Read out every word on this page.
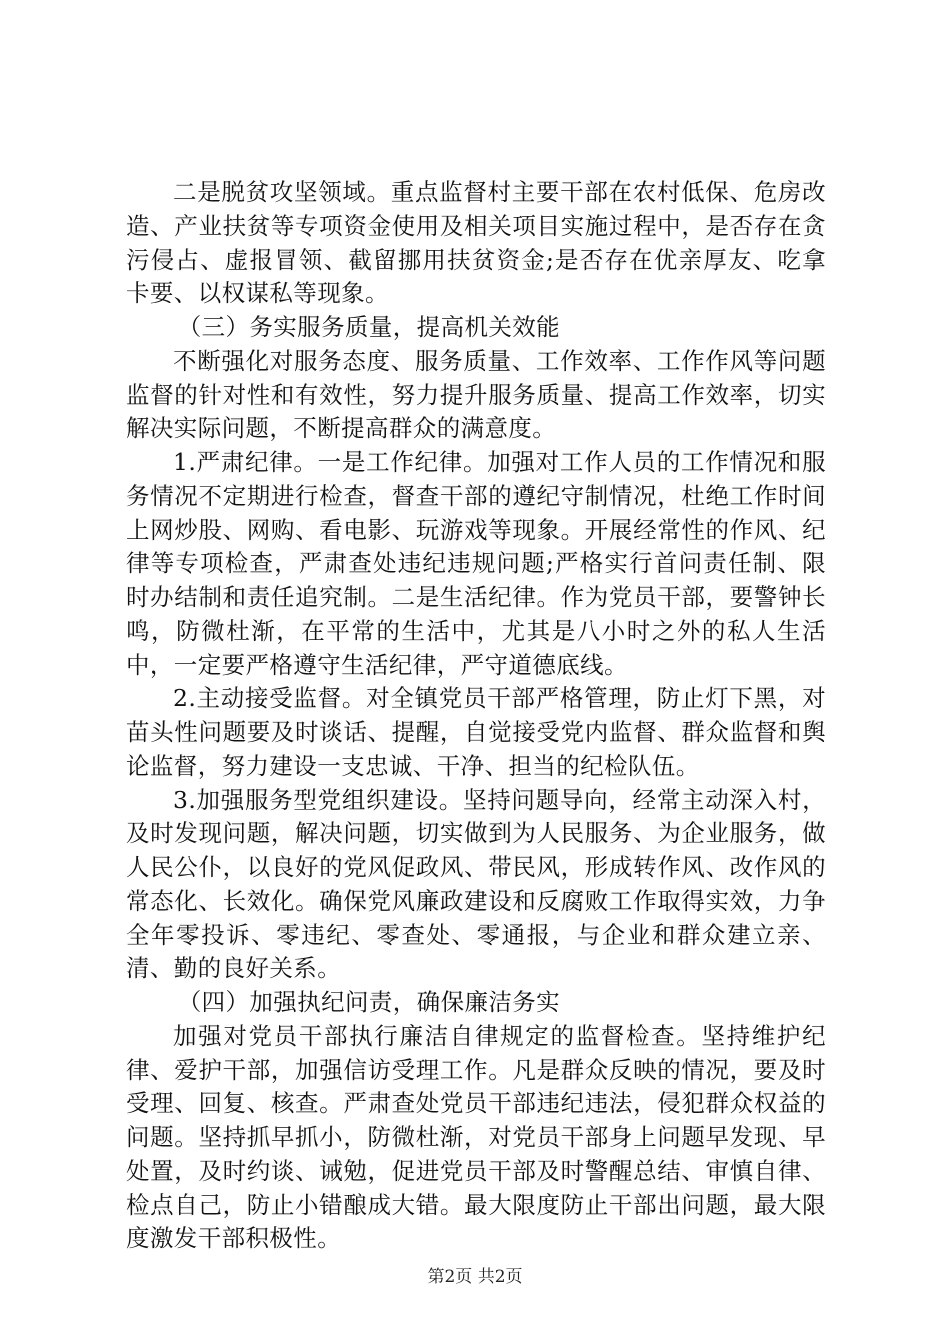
二是脱贫攻坚领域。重点监督村主要干部在农村低保、危房改造、产业扶贫等专项资金使用及相关项目实施过程中，是否存在贪污侵占、虚报冒领、截留挪用扶贫资金;是否存在优亲厚友、吃拿卡要、以权谋私等现象。

（三）务实服务质量，提高机关效能

不断强化对服务态度、服务质量、工作效率、工作作风等问题监督的针对性和有效性，努力提升服务质量、提高工作效率，切实解决实际问题，不断提高群众的满意度。

1.严肃纪律。一是工作纪律。加强对工作人员的工作情况和服务情况不定期进行检查，督查干部的遵纪守制情况，杜绝工作时间上网炒股、网购、看电影、玩游戏等现象。开展经常性的作风、纪律等专项检查，严肃查处违纪违规问题;严格实行首问责任制、限时办结制和责任追究制。二是生活纪律。作为党员干部，要警钟长鸣，防微杜渐，在平常的生活中，尤其是八小时之外的私人生活中，一定要严格遵守生活纪律，严守道德底线。

2.主动接受监督。对全镇党员干部严格管理，防止灯下黑，对苗头性问题要及时谈话、提醒，自觉接受党内监督、群众监督和舆论监督，努力建设一支忠诚、干净、担当的纪检队伍。

3.加强服务型党组织建设。坚持问题导向，经常主动深入村，及时发现问题，解决问题，切实做到为人民服务、为企业服务，做人民公仆，以良好的党风促政风、带民风，形成转作风、改作风的常态化、长效化。确保党风廉政建设和反腐败工作取得实效，力争全年零投诉、零违纪、零查处、零通报，与企业和群众建立亲、清、勤的良好关系。

（四）加强执纪问责，确保廉洁务实

加强对党员干部执行廉洁自律规定的监督检查。坚持维护纪律、爱护干部，加强信访受理工作。凡是群众反映的情况，要及时受理、回复、核查。严肃查处党员干部违纪违法，侵犯群众权益的问题。坚持抓早抓小，防微杜渐，对党员干部身上问题早发现、早处置，及时约谈、诫勉，促进党员干部及时警醒总结、审慎自律、检点自己，防止小错酿成大错。最大限度防止干部出问题，最大限度激发干部积极性。

第2页 共2页
